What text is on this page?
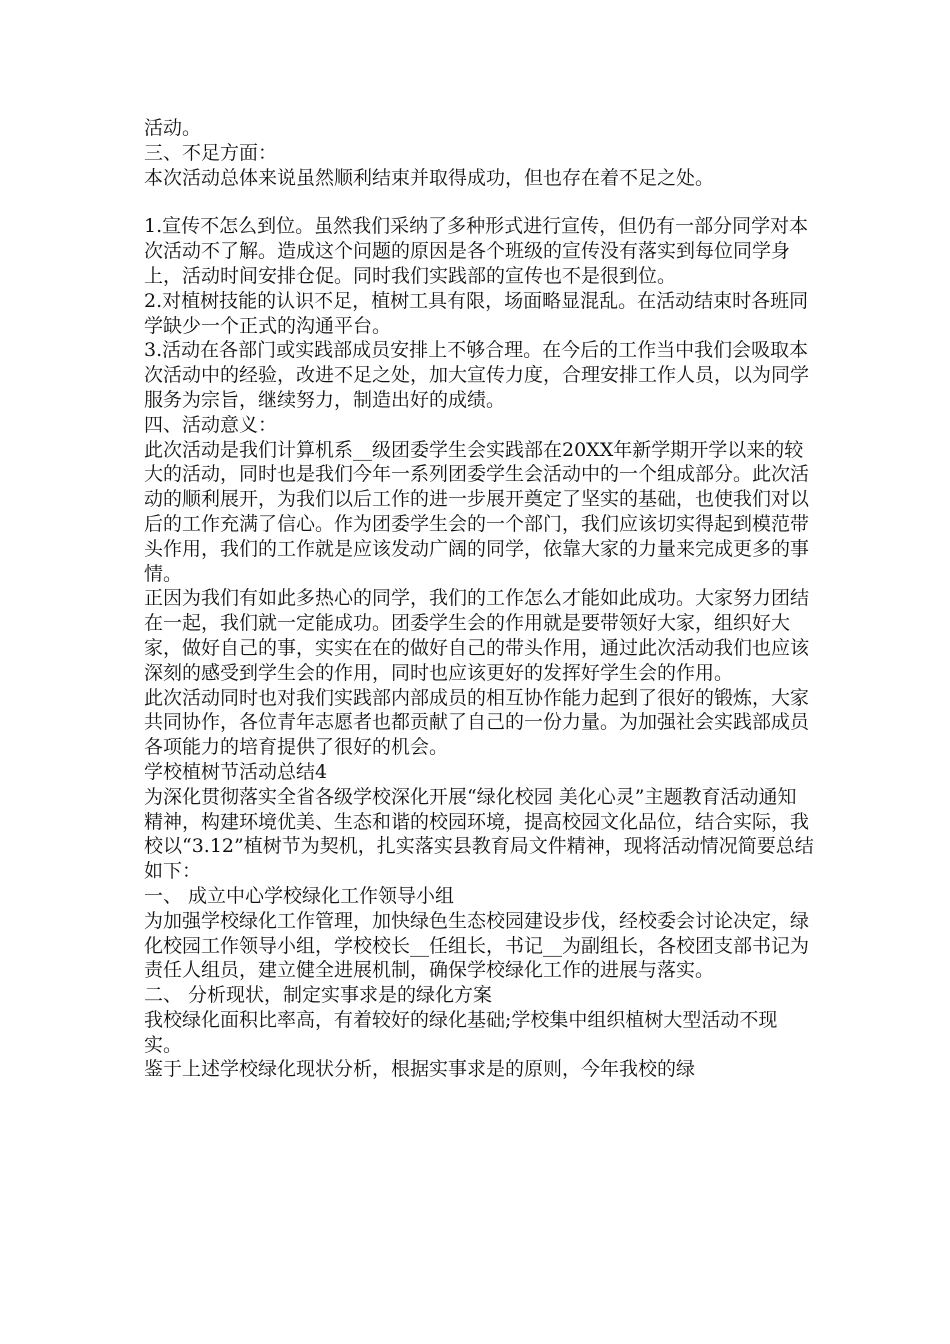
活动。

三、不足方面：

本次活动总体来说虽然顺利结束并取得成功，但也存在着不足之处。

1.宣传不怎么到位。虽然我们采纳了多种形式进行宣传，但仍有一部分同学对本次活动不了解。造成这个问题的原因是各个班级的宣传没有落实到每位同学身上，活动时间安排仓促。同时我们实践部的宣传也不是很到位。

2.对植树技能的认识不足，植树工具有限，场面略显混乱。在活动结束时各班同学缺少一个正式的沟通平台。

3.活动在各部门或实践部成员安排上不够合理。在今后的工作当中我们会吸取本次活动中的经验，改进不足之处，加大宣传力度，合理安排工作人员，以为同学服务为宗旨，继续努力，制造出好的成绩。

四、活动意义：

此次活动是我们计算机系__级团委学生会实践部在20XX年新学期开学以来的较大的活动，同时也是我们今年一系列团委学生会活动中的一个组成部分。此次活动的顺利展开，为我们以后工作的进一步展开奠定了坚实的基础，也使我们对以后的工作充满了信心。作为团委学生会的一个部门，我们应该切实得起到模范带头作用，我们的工作就是应该发动广阔的同学，依靠大家的力量来完成更多的事情。

正因为我们有如此多热心的同学，我们的工作怎么才能如此成功。大家努力团结在一起，我们就一定能成功。团委学生会的作用就是要带领好大家，组织好大家，做好自己的事，实实在在的做好自己的带头作用，通过此次活动我们也应该深刻的感受到学生会的作用，同时也应该更好的发挥好学生会的作用。

此次活动同时也对我们实践部内部成员的相互协作能力起到了很好的锻炼，大家共同协作，各位青年志愿者也都贡献了自己的一份力量。为加强社会实践部成员各项能力的培育提供了很好的机会。

学校植树节活动总结4

为深化贯彻落实全省各级学校深化开展“绿化校园 美化心灵”主题教育活动通知精神，构建环境优美、生态和谐的校园环境，提高校园文化品位，结合实际，我校以“3.12”植树节为契机，扎实落实县教育局文件精神，现将活动情况简要总结如下：

一、 成立中心学校绿化工作领导小组

为加强学校绿化工作管理，加快绿色生态校园建设步伐，经校委会讨论决定，绿化校园工作领导小组，学校校长__任组长，书记__为副组长，各校团支部书记为责任人组员，建立健全进展机制，确保学校绿化工作的进展与落实。

二、 分析现状，制定实事求是的绿化方案

我校绿化面积比率高，有着较好的绿化基础;学校集中组织植树大型活动不现实。

鉴于上述学校绿化现状分析，根据实事求是的原则，今年我校的绿
